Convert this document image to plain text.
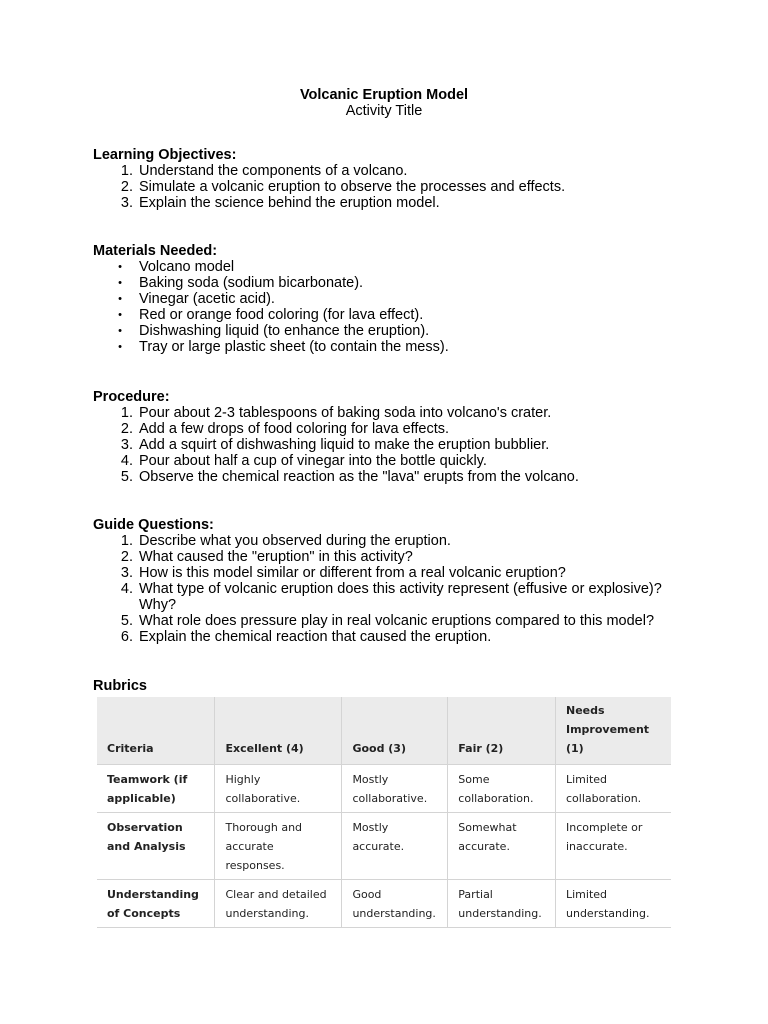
Volcanic Eruption Model
Activity Title
Learning Objectives:
1. Understand the components of a volcano.
2. Simulate a volcanic eruption to observe the processes and effects.
3. Explain the science behind the eruption model.
Materials Needed:
• Volcano model
• Baking soda (sodium bicarbonate).
• Vinegar (acetic acid).
• Red or orange food coloring (for lava effect).
• Dishwashing liquid (to enhance the eruption).
• Tray or large plastic sheet (to contain the mess).
Procedure:
1. Pour about 2-3 tablespoons of baking soda into volcano's crater.
2. Add a few drops of food coloring for lava effects.
3. Add a squirt of dishwashing liquid to make the eruption bubblier.
4. Pour about half a cup of vinegar into the bottle quickly.
5. Observe the chemical reaction as the "lava" erupts from the volcano.
Guide Questions:
1. Describe what you observed during the eruption.
2. What caused the "eruption" in this activity?
3. How is this model similar or different from a real volcanic eruption?
4. What type of volcanic eruption does this activity represent (effusive or explosive)? Why?
5. What role does pressure play in real volcanic eruptions compared to this model?
6. Explain the chemical reaction that caused the eruption.
Rubrics
Criteria	Excellent (4)	Good (3)	Fair (2)	Needs Improvement (1)
Teamwork (if applicable)	Highly collaborative.	Mostly collaborative.	Some collaboration.	Limited collaboration.
Observation and Analysis	Thorough and accurate responses.	Mostly accurate.	Somewhat accurate.	Incomplete or inaccurate.
Understanding of Concepts	Clear and detailed understanding.	Good understanding.	Partial understanding.	Limited understanding.
